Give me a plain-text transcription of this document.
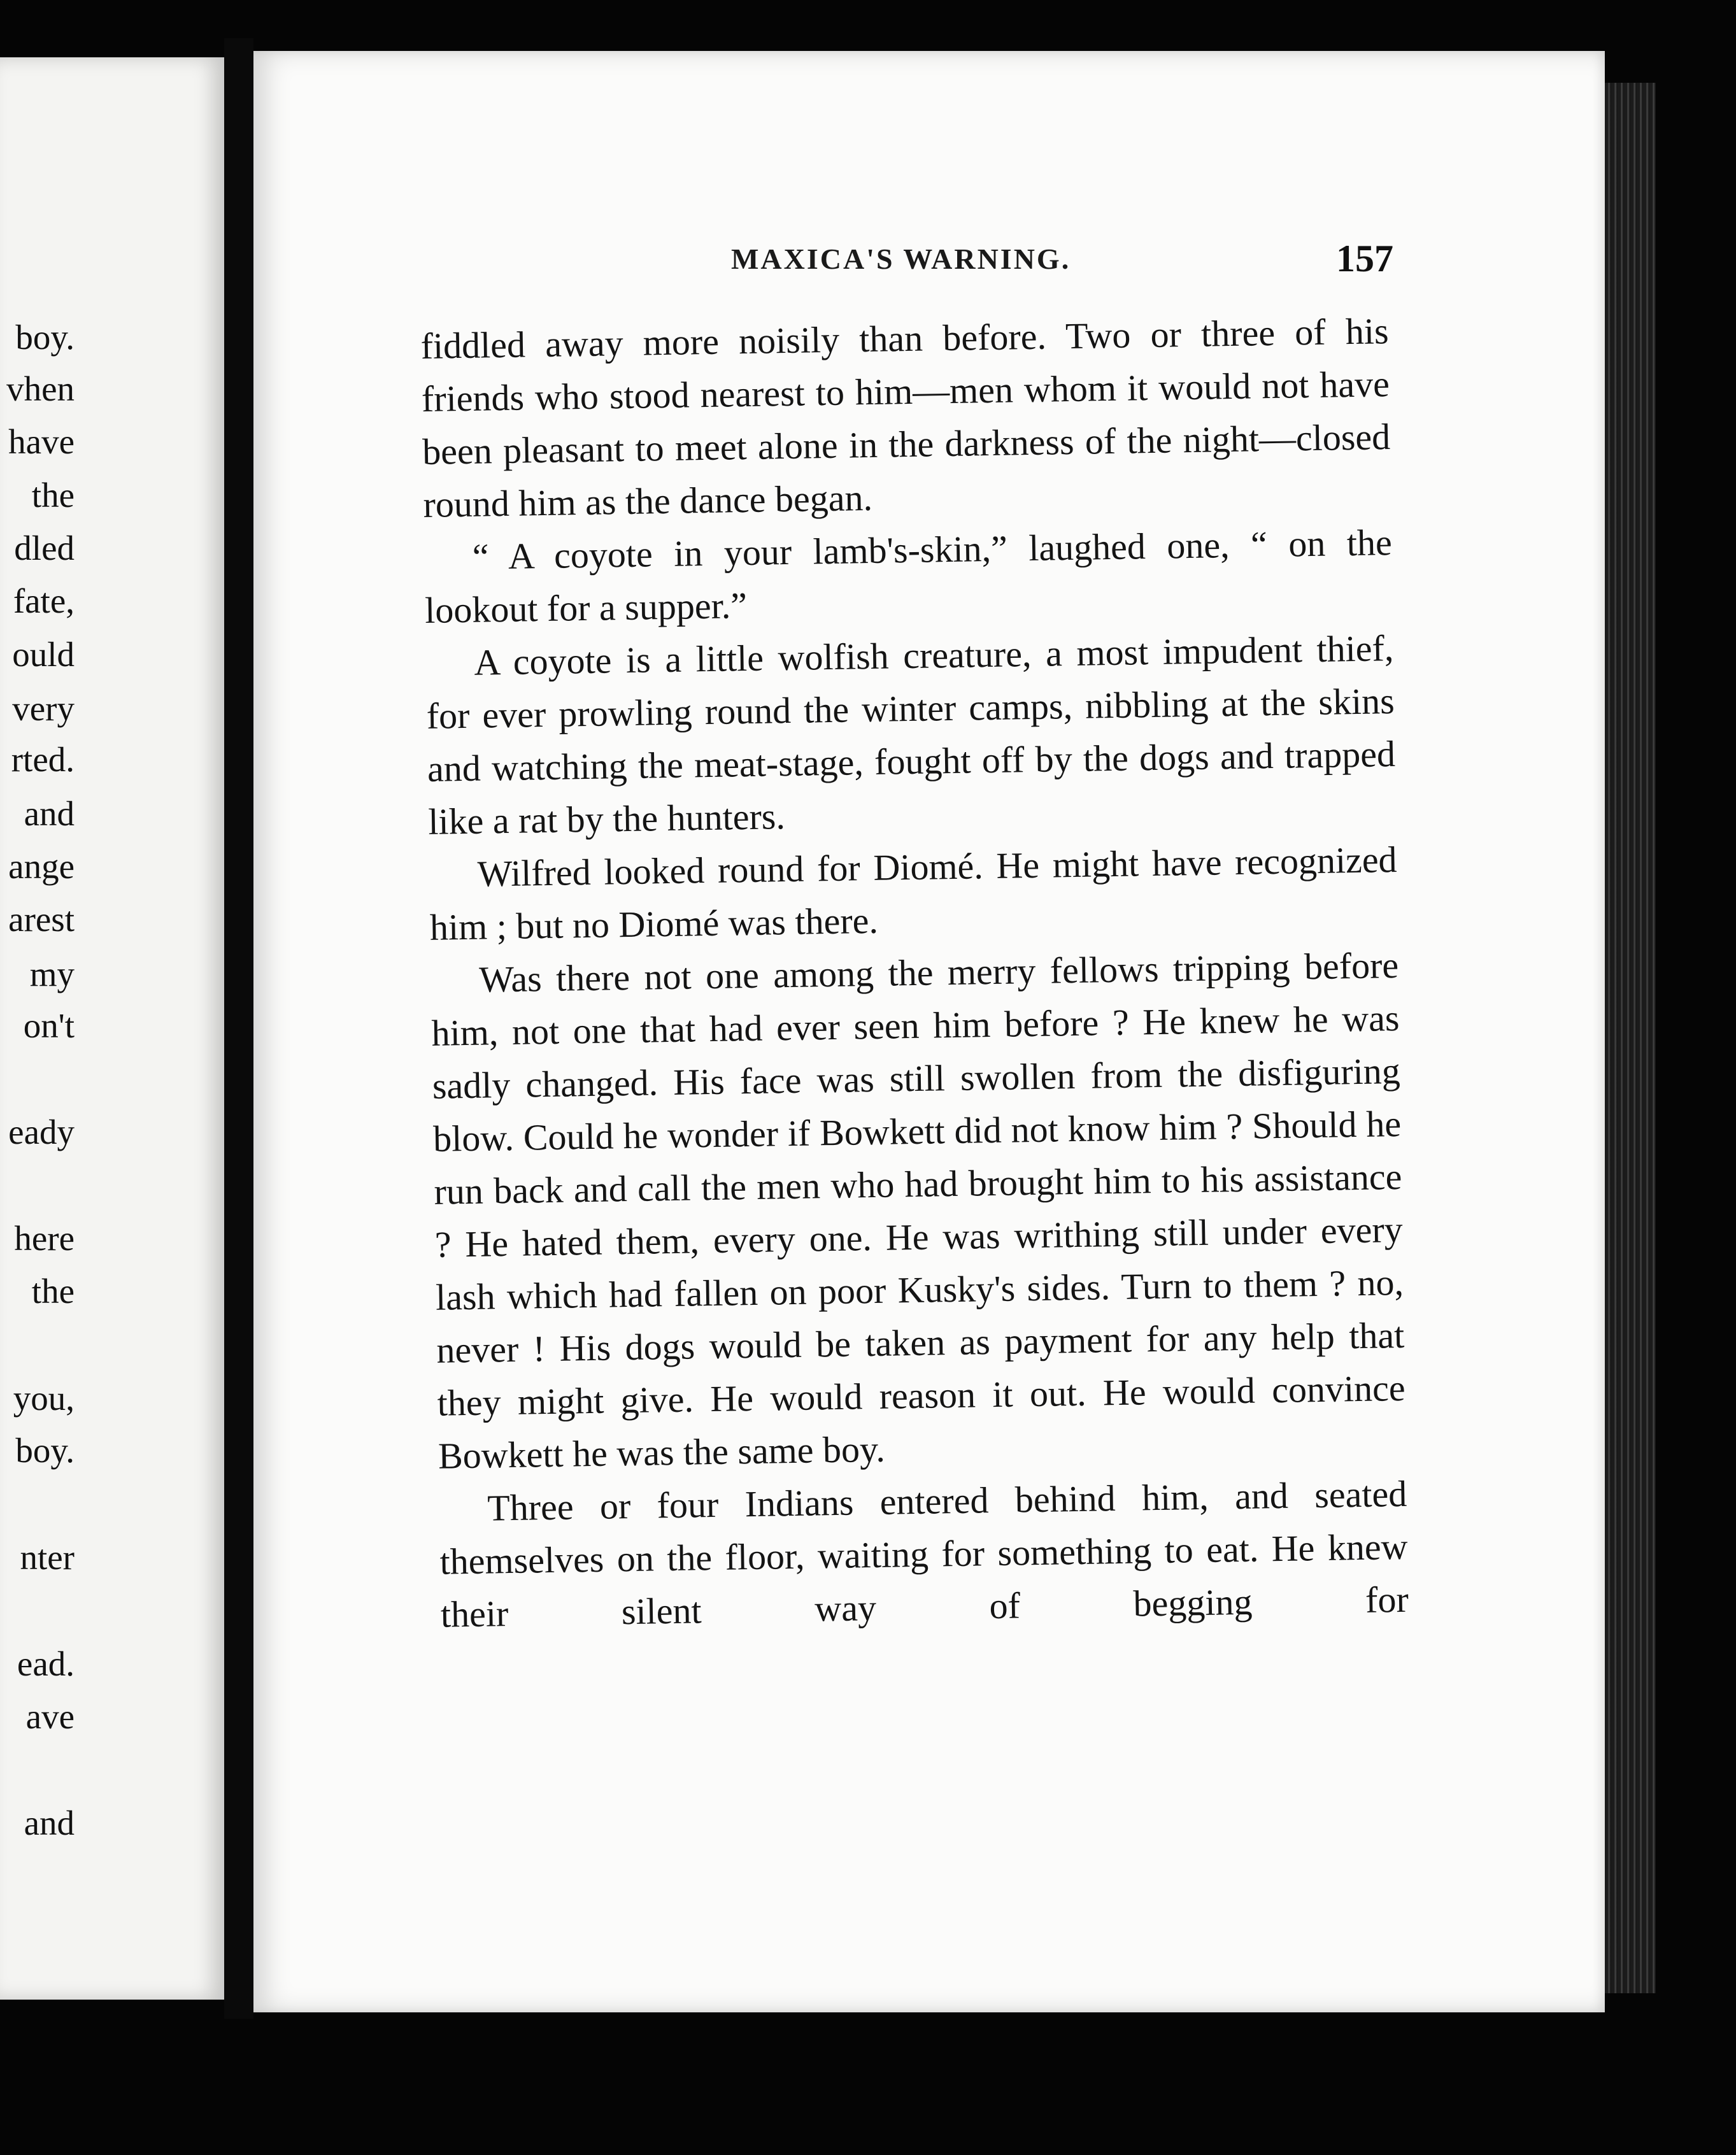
boy.
vhen
have
the
dled
fate,
ould
very
rted.
and
ange
arest
my
on't
eady
here
the
you,
boy.
nter
ead.
ave
and
MAXICA'S WARNING.	157

fiddled away more noisily than before. Two or three of his friends who stood nearest to him—men whom it would not have been pleasant to meet alone in the darkness of the night—closed round him as the dance began.

“ A coyote in your lamb's-skin,” laughed one, “ on the lookout for a supper.”

A coyote is a little wolfish creature, a most impudent thief, for ever prowling round the winter camps, nibbling at the skins and watching the meat-stage, fought off by the dogs and trapped like a rat by the hunters.

Wilfred looked round for Diomé. He might have recognized him ; but no Diomé was there.

Was there not one among the merry fellows tripping before him, not one that had ever seen him before ? He knew he was sadly changed. His face was still swollen from the disfiguring blow. Could he wonder if Bowkett did not know him ? Should he run back and call the men who had brought him to his assistance ? He hated them, every one. He was writhing still under every lash which had fallen on poor Kusky's sides. Turn to them ? no, never ! His dogs would be taken as payment for any help that they might give. He would reason it out. He would convince Bowkett he was the same boy.

Three or four Indians entered behind him, and seated themselves on the floor, waiting for something to eat. He knew their silent way of begging for
